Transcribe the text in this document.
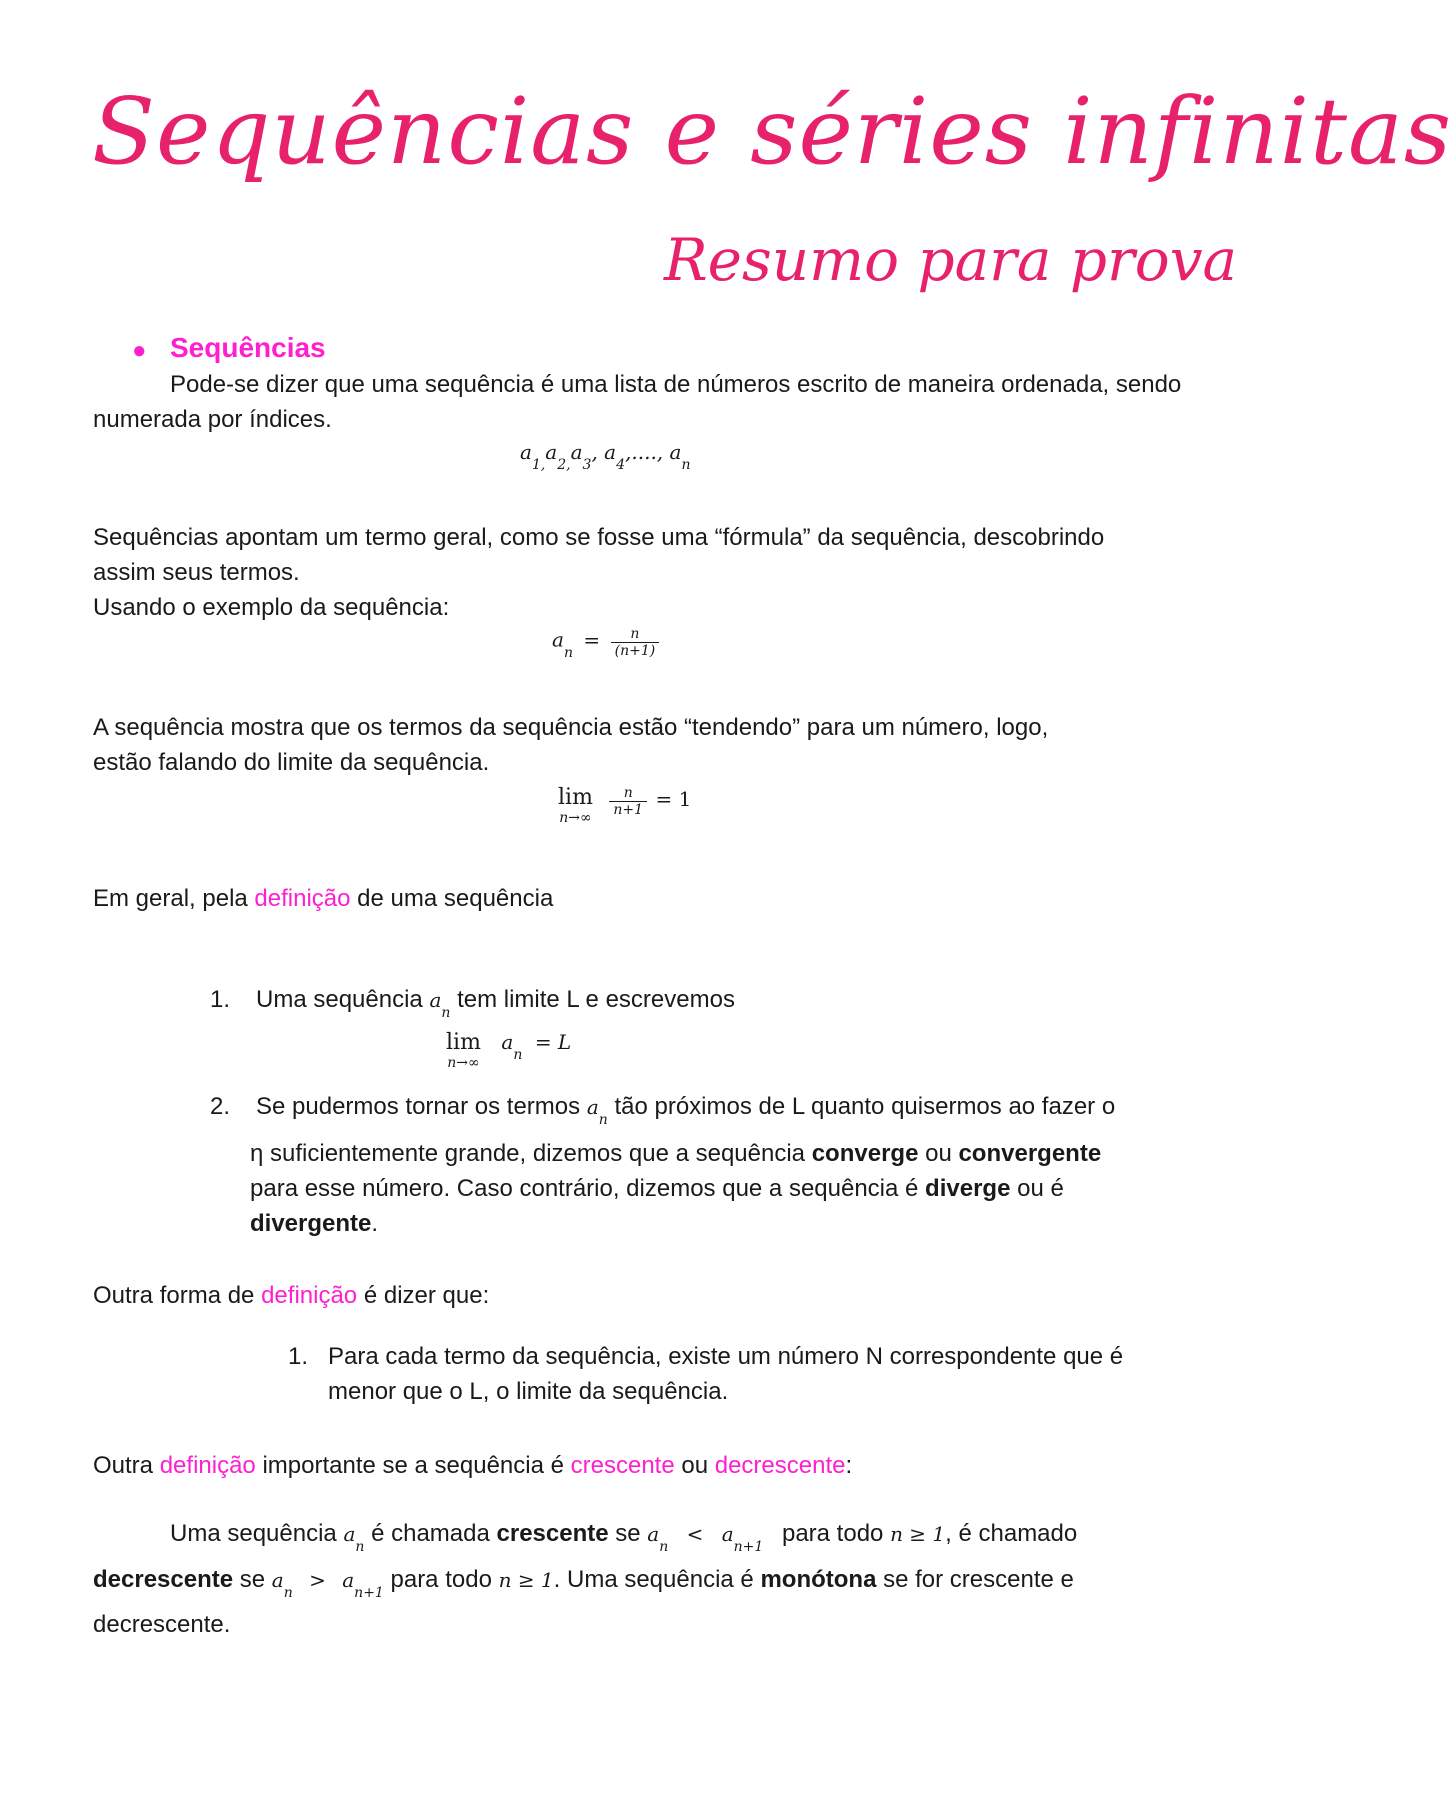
Sequências e séries infinitas
Resumo para prova
● Sequências
Pode-se dizer que uma sequência é uma lista de números escrito de maneira ordenada, sendo numerada por índices.
a1,a2,a3, a4,...., an
Sequências apontam um termo geral, como se fosse uma “fórmula” da sequência, descobrindo
assim seus termos.
Usando o exemplo da sequência:
an = $\frac{n}{(n+1)}$
A sequência mostra que os termos da sequência estão “tendendo” para um número, logo,
estão falando do limite da sequência.
lim
n→∞
$\frac{n}{n+1} = 1$
Em geral, pela definição de uma sequência
1. Uma sequência $a_n$ tem limite L e escrevemos
lim
n→∞
an = L
2. Se pudermos tornar os termos $a_n$ tão próximos de L quanto quisermos ao fazer o
η suficientemente grande, dizemos que a sequência converge ou convergente
para esse número. Caso contrário, dizemos que a sequência é diverge ou é
divergente.
Outra forma de definição é dizer que:
1. Para cada termo da sequência, existe um número N correspondente que é
menor que o L, o limite da sequência.
Outra definição importante se a sequência é crescente ou decrescente:
Uma sequência $a_n$ é chamada crescente se $a_n < a_{n+1}$ para todo n ≥ 1, é chamado
decrescente se $a_n > a_{n+1}$ para todo n ≥ 1. Uma sequência é monótona se for crescente e
decrescente.
